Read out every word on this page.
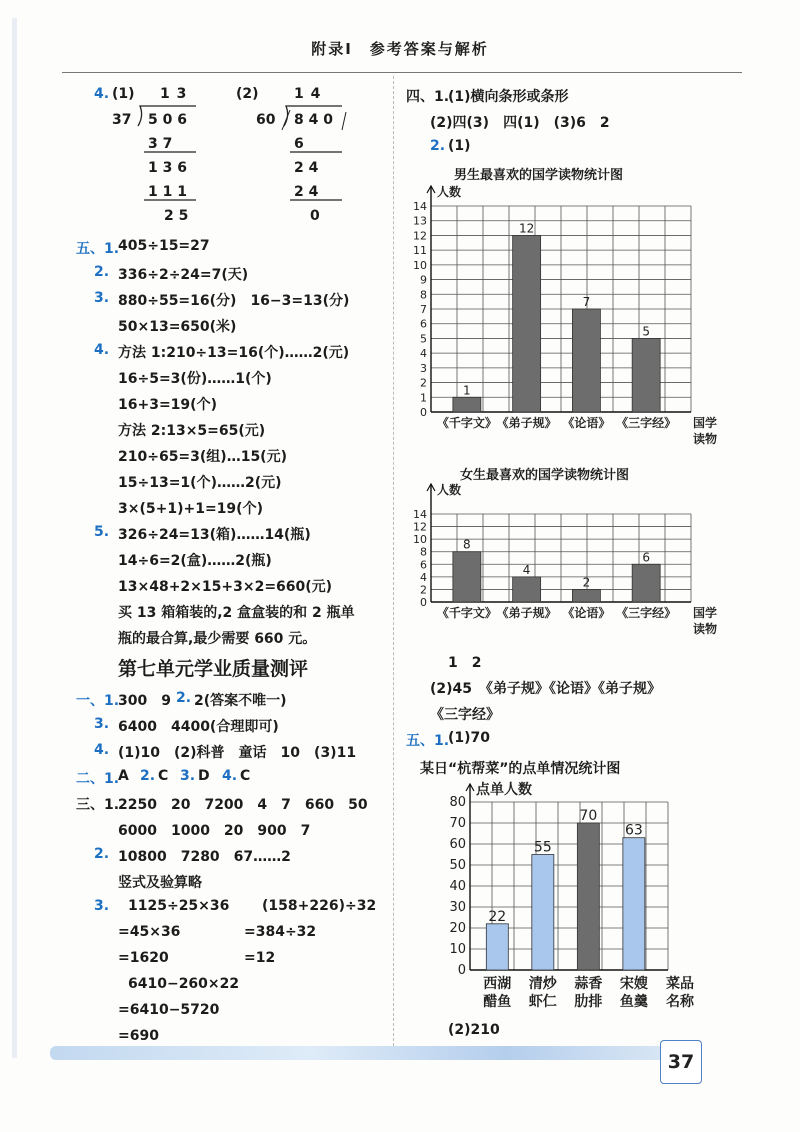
附录Ⅰ　参考答案与解析
4. (1)	(2)
1 3
37 5 0 6
3 7
1 3 6
1 1 1
2 5
1 4
60 8 4 0
6
2 4
2 4
0
五、1.
405÷15=27
2. 336÷2÷24=7(天)
3. 880÷55=16(分)　16−3=13(分)
50×13=650(米)
4. 方法 1:210÷13=16(个)……2(元)
16÷5=3(份)……1(个)
16+3=19(个)
方法 2:13×5=65(元)
210÷65=3(组)…15(元)
15÷13=1(个)……2(元)
3×(5+1)+1=19(个)
5. 326÷24=13(箱)……14(瓶)
14÷6=2(盒)……2(瓶)
13×48+2×15+3×2=660(元)
买 13 箱箱装的,2 盒盒装的和 2 瓶单
瓶的最合算,最少需要 660 元。
第七单元学业质量测评
一、1.
300　9 2. 2(答案不唯一)
3. 6400　4400(合理即可)
4. (1)10　(2)科普　童话　10　(3)11
二、1.
A 2. C 3. D 4. C
三、1.
2250　20　7200　4　7　660　50
6000　1000　20　900　7
2. 10800　7280　67……2
竖式及验算略
3. 1125÷25×36 (158+226)÷32
=45×36	=384÷32
=1620	=12
6410−260×22
=6410−5720
=690
四、1.
(1)横向条形或条形
(2)四(3)　四(1)　(3)6　2
2. (1)
男生最喜欢的国学读物统计图
0
1
2
3
4
5
6
7
8
9
10
11
12
13
14
人数
1
《千字文》
12
《弟子规》
7
《论语》
5
《三字经》 国学
读物
女生最喜欢的国学读物统计图
0
2
4
6
8
10
12
14
人数
8
《千字文》
4
《弟子规》
2
《论语》
6
《三字经》 国学
读物
1　2
(2)45　《弟子规》《论语》《弟子规》
《三字经》
五、1.
(1)70
某日“杭帮菜”的点单情况统计图
0
10
20
30
40
50
60
70
80
点单人数
22
西湖
醋鱼
55
清炒
虾仁
70
蒜香
肋排
63
宋嫂
鱼羹
菜品
名称
(2)210
37
